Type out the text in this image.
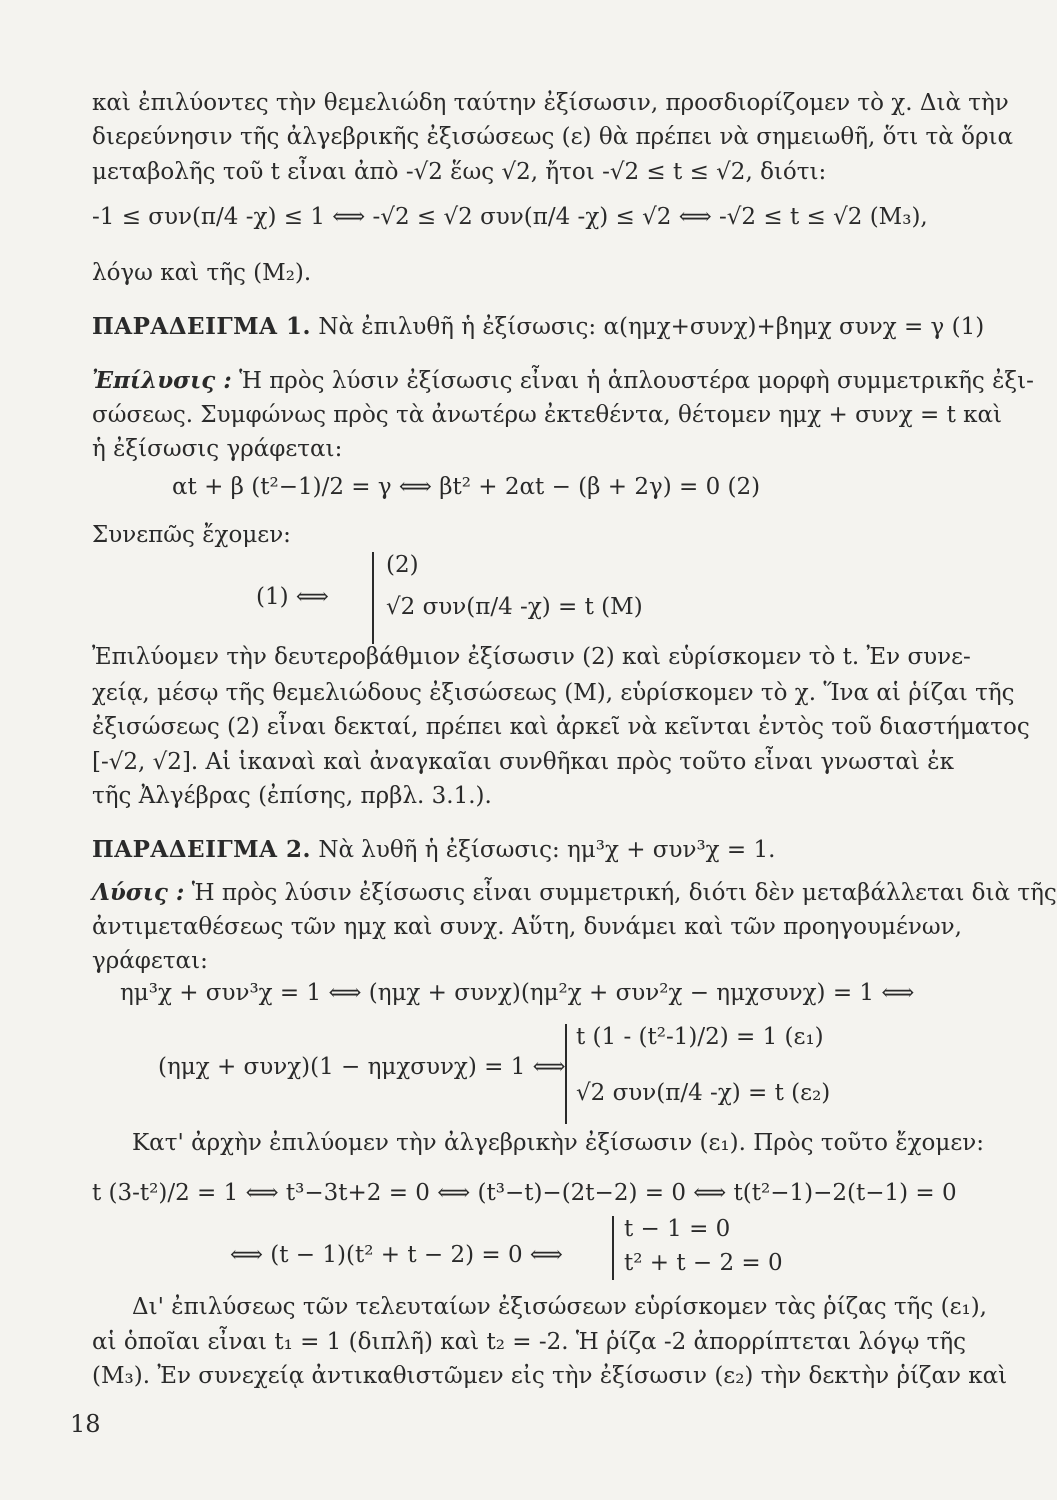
καὶ ἐπιλύοντες τὴν θεμελιώδη ταύτην ἐξίσωσιν, προσδιορίζομεν τὸ χ. Διὰ τὴν
διερεύνησιν τῆς ἀλγεβρικῆς ἐξισώσεως (ε) θὰ πρέπει νὰ σημειωθῆ, ὅτι τὰ ὅρια
μεταβολῆς τοῦ t εἶναι ἀπὸ -√2 ἕως √2, ἤτοι -√2 ≤ t ≤ √2, διότι:
-1 ≤ συν(π/4 -χ) ≤ 1 ⟺ -√2 ≤ √2 συν(π/4 -χ) ≤ √2 ⟺ -√2 ≤ t ≤ √2 (M₃),
λόγω καὶ τῆς (M₂).
ΠΑΡΑΔΕΙΓΜΑ 1. Νὰ ἐπιλυθῆ ἡ ἐξίσωσις: α(ημχ+συνχ)+βημχ συνχ = γ (1)
Ἐπίλυσις : Ἡ πρὸς λύσιν ἐξίσωσις εἶναι ἡ ἁπλουστέρα μορφὴ συμμετρικῆς ἐξι-
σώσεως. Συμφώνως πρὸς τὰ ἀνωτέρω ἐκτεθέντα, θέτομεν ημχ + συνχ = t καὶ
ἡ ἐξίσωσις γράφεται:
αt + β (t²−1)/2 = γ ⟺ βt² + 2αt − (β + 2γ) = 0 (2)
Συνεπῶς ἔχομεν:
(1) ⟺
(2)
√2 συν(π/4 -χ) = t (M)
Ἐπιλύομεν τὴν δευτεροβάθμιον ἐξίσωσιν (2) καὶ εὑρίσκομεν τὸ t. Ἐν συνε-
χείᾳ, μέσῳ τῆς θεμελιώδους ἐξισώσεως (M), εὑρίσκομεν τὸ χ. Ἵνα αἱ ῥίζαι τῆς
ἐξισώσεως (2) εἶναι δεκταί, πρέπει καὶ ἀρκεῖ νὰ κεῖνται ἐντὸς τοῦ διαστήματος
[-√2, √2]. Αἱ ἱκαναὶ καὶ ἀναγκαῖαι συνθῆκαι πρὸς τοῦτο εἶναι γνωσταὶ ἐκ
τῆς Ἀλγέβρας (ἐπίσης, πρβλ. 3.1.).
ΠΑΡΑΔΕΙΓΜΑ 2. Νὰ λυθῆ ἡ ἐξίσωσις: ημ³χ + συν³χ = 1.
Λύσις : Ἡ πρὸς λύσιν ἐξίσωσις εἶναι συμμετρική, διότι δὲν μεταβάλλεται διὰ τῆς
ἀντιμεταθέσεως τῶν ημχ καὶ συνχ. Αὕτη, δυνάμει καὶ τῶν προηγουμένων,
γράφεται:
ημ³χ + συν³χ = 1 ⟺ (ημχ + συνχ)(ημ²χ + συν²χ − ημχσυνχ) = 1 ⟺
(ημχ + συνχ)(1 − ημχσυνχ) = 1 ⟺
t (1 - (t²-1)/2) = 1 (ε₁)
√2 συν(π/4 -χ) = t (ε₂)
Κατ' ἀρχὴν ἐπιλύομεν τὴν ἀλγεβρικὴν ἐξίσωσιν (ε₁). Πρὸς τοῦτο ἔχομεν:
t (3-t²)/2 = 1 ⟺ t³−3t+2 = 0 ⟺ (t³−t)−(2t−2) = 0 ⟺ t(t²−1)−2(t−1) = 0
⟺ (t − 1)(t² + t − 2) = 0 ⟺
t − 1 = 0
t² + t − 2 = 0
Δι' ἐπιλύσεως τῶν τελευταίων ἐξισώσεων εὑρίσκομεν τὰς ῥίζας τῆς (ε₁),
αἱ ὁποῖαι εἶναι t₁ = 1 (διπλῆ) καὶ t₂ = -2. Ἡ ῥίζα -2 ἀπορρίπτεται λόγῳ τῆς
(M₃). Ἐν συνεχείᾳ ἀντικαθιστῶμεν εἰς τὴν ἐξίσωσιν (ε₂) τὴν δεκτὴν ῥίζαν καὶ
18
